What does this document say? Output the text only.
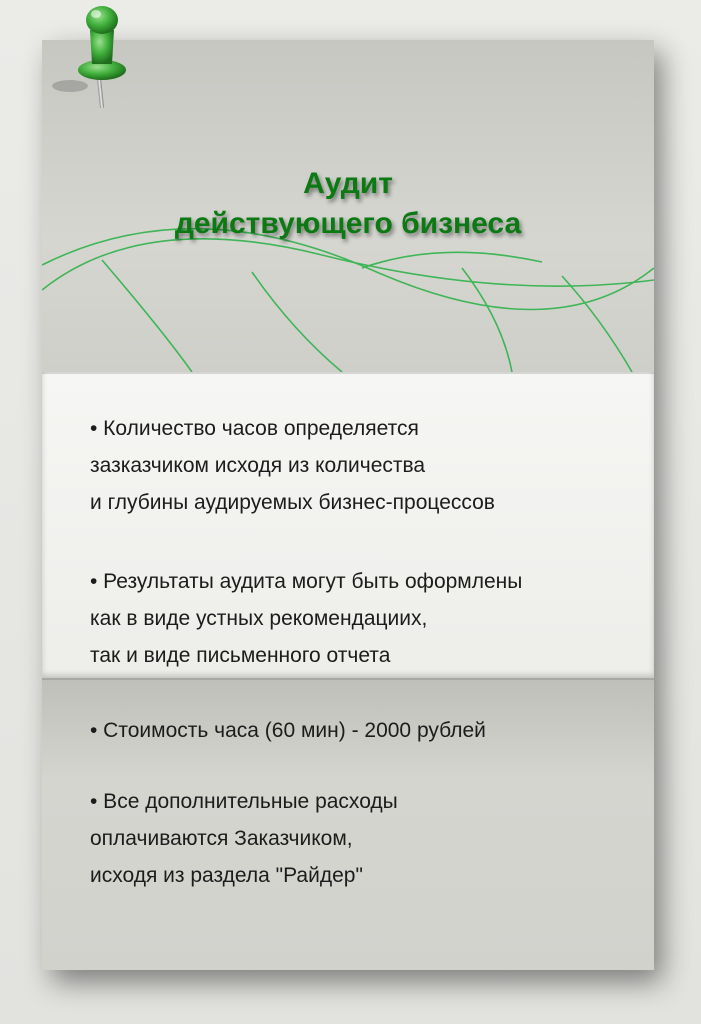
Аудит
действующего бизнеса
• Количество часов определяется
зазказчиком исходя из количества
и глубины аудируемых бизнес-процессов
• Результаты аудита могут быть оформлены
как в виде устных рекомендациих,
так и виде письменного отчета
• Стоимость часа (60 мин) - 2000 рублей
• Все дополнительные расходы
оплачиваются Заказчиком,
исходя из раздела "Райдер"
